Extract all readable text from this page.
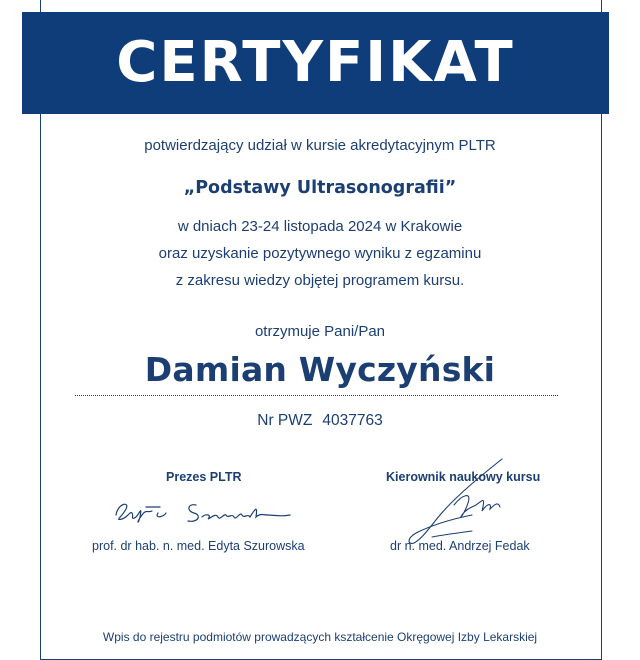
CERTYFIKAT
potwierdzający udział w kursie akredytacyjnym PLTR
„Podstawy Ultrasonografii”
w dniach 23-24 listopada 2024 w Krakowie
oraz uzyskanie pozytywnego wyniku z egzaminu
z zakresu wiedzy objętej programem kursu.
otrzymuje Pani/Pan
Damian Wyczyński
Nr PWZ 4037763
Prezes PLTR
prof. dr hab. n. med. Edyta Szurowska
Kierownik naukowy kursu
dr n. med. Andrzej Fedak
Wpis do rejestru podmiotów prowadzących kształcenie Okręgowej Izby Lekarskiej
